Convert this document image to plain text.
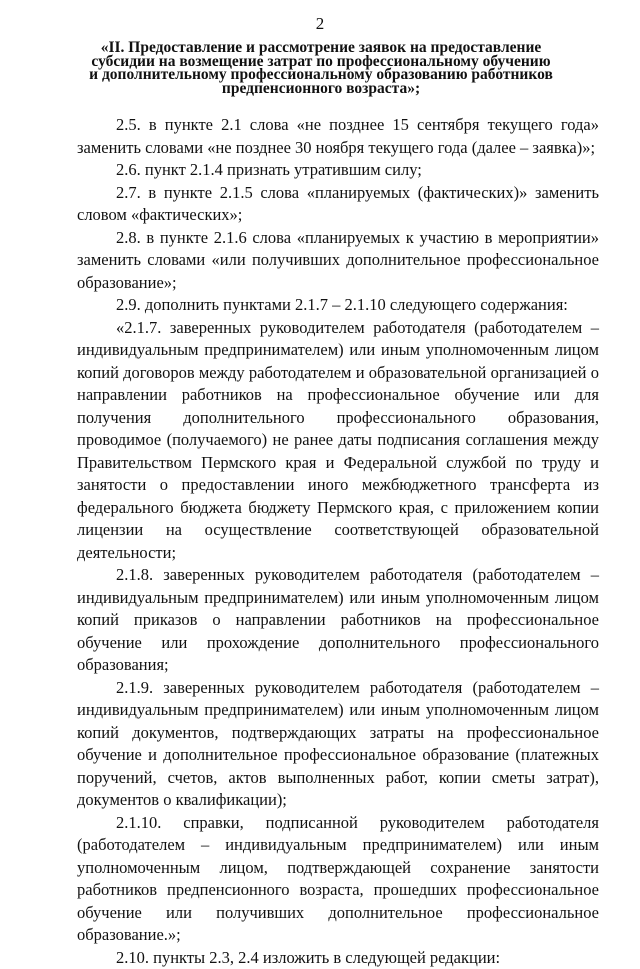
2
«II. Предоставление и рассмотрение заявок на предоставление
субсидии на возмещение затрат по профессиональному обучению
и дополнительному профессиональному образованию работников
предпенсионного возраста»;

2.5. в пункте 2.1 слова «не позднее 15 сентября текущего года» заменить словами «не позднее 30 ноября текущего года (далее – заявка)»;

2.6. пункт 2.1.4 признать утратившим силу;

2.7. в пункте 2.1.5 слова «планируемых (фактических)» заменить словом «фактических»;

2.8. в пункте 2.1.6 слова «планируемых к участию в мероприятии» заменить словами «или получивших дополнительное профессиональное образование»;

2.9. дополнить пунктами 2.1.7 – 2.1.10 следующего содержания:

«2.1.7. заверенных руководителем работодателя (работодателем – индивидуальным предпринимателем) или иным уполномоченным лицом копий договоров между работодателем и образовательной организацией о направлении работников на профессиональное обучение или для получения дополнительного профессионального образования, проводимое (получаемого) не ранее даты подписания соглашения между Правительством Пермского края и Федеральной службой по труду и занятости о предоставлении иного межбюджетного трансферта из федерального бюджета бюджету Пермского края, с приложением копии лицензии на осуществление соответствующей образовательной деятельности;

2.1.8. заверенных руководителем работодателя (работодателем – индивидуальным предпринимателем) или иным уполномоченным лицом копий приказов о направлении работников на профессиональное обучение или прохождение дополнительного профессионального образования;

2.1.9. заверенных руководителем работодателя (работодателем – индивидуальным предпринимателем) или иным уполномоченным лицом копий документов, подтверждающих затраты на профессиональное обучение и дополнительное профессиональное образование (платежных поручений, счетов, актов выполненных работ, копии сметы затрат), документов о квалификации);

2.1.10. справки, подписанной руководителем работодателя (работодателем – индивидуальным предпринимателем) или иным уполномоченным лицом, подтверждающей сохранение занятости работников предпенсионного возраста, прошедших профессиональное обучение или получивших дополнительное профессиональное образование.»;

2.10. пункты 2.3, 2.4 изложить в следующей редакции:
